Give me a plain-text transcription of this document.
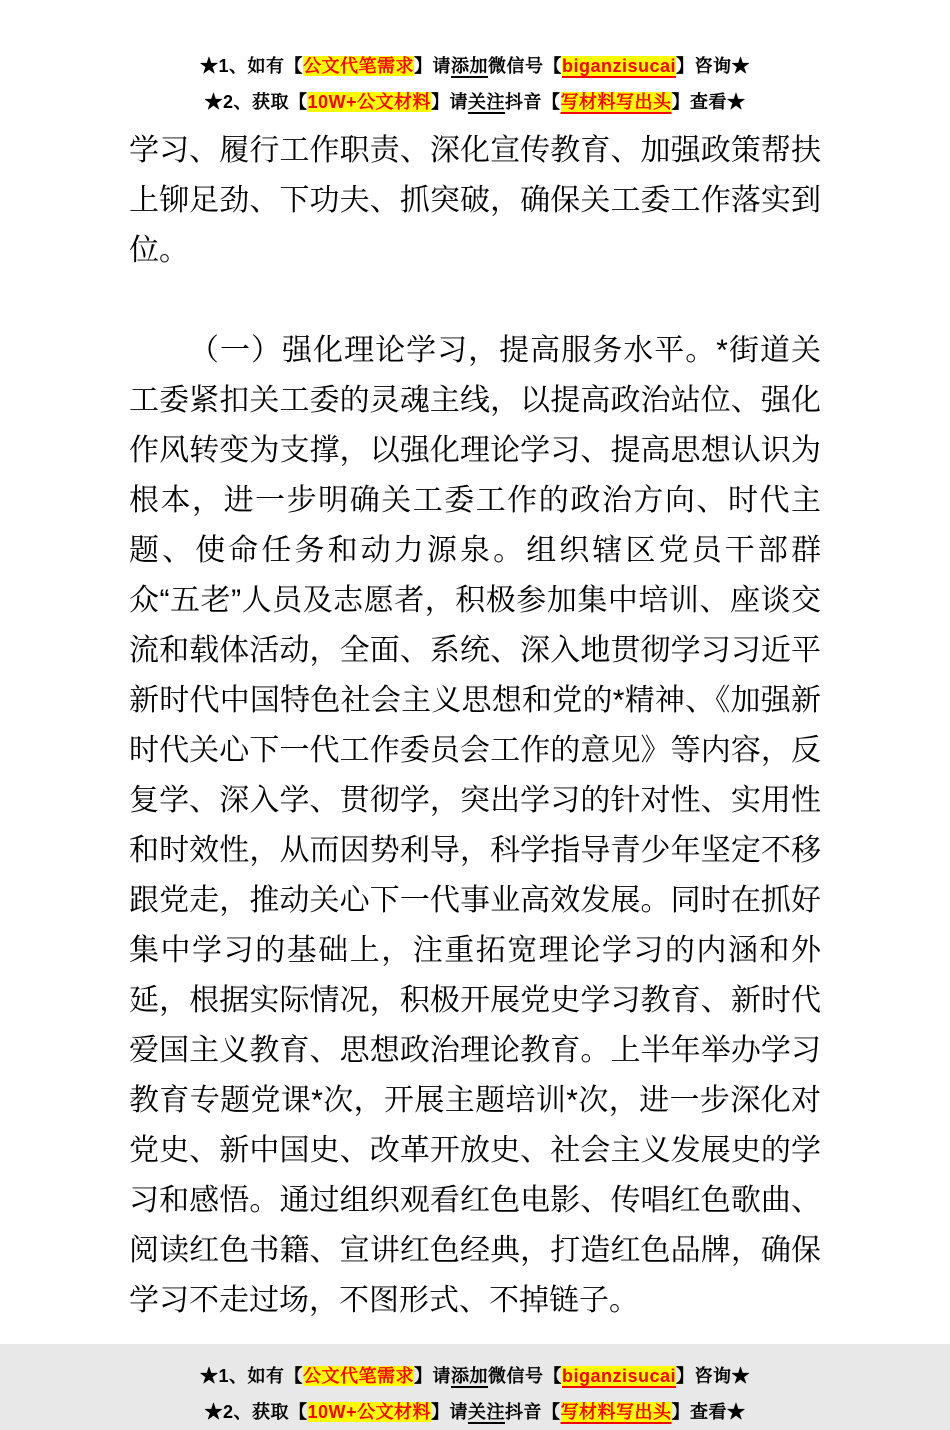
★1、如有【公文代笔需求】请添加微信号【biganzisucai】咨询★
★2、获取【10W+公文材料】请关注抖音【写材料写出头】查看★

学习、履行工作职责、深化宣传教育、加强政策帮扶上铆足劲、下功夫、抓突破，确保关工委工作落实到位。

（一）强化理论学习，提高服务水平。*街道关工委紧扣关工委的灵魂主线，以提高政治站位、强化作风转变为支撑，以强化理论学习、提高思想认识为根本，进一步明确关工委工作的政治方向、时代主题、使命任务和动力源泉。组织辖区党员干部群众“五老”人员及志愿者，积极参加集中培训、座谈交流和载体活动，全面、系统、深入地贯彻学习习近平新时代中国特色社会主义思想和党的*精神、《加强新时代关心下一代工作委员会工作的意见》等内容，反复学、深入学、贯彻学，突出学习的针对性、实用性和时效性，从而因势利导，科学指导青少年坚定不移跟党走，推动关心下一代事业高效发展。同时在抓好集中学习的基础上，注重拓宽理论学习的内涵和外延，根据实际情况，积极开展党史学习教育、新时代爱国主义教育、思想政治理论教育。上半年举办学习教育专题党课*次，开展主题培训*次，进一步深化对党史、新中国史、改革开放史、社会主义发展史的学习和感悟。通过组织观看红色电影、传唱红色歌曲、阅读红色书籍、宣讲红色经典，打造红色品牌，确保学习不走过场，不图形式、不掉链子。

★1、如有【公文代笔需求】请添加微信号【biganzisucai】咨询★
★2、获取【10W+公文材料】请关注抖音【写材料写出头】查看★
